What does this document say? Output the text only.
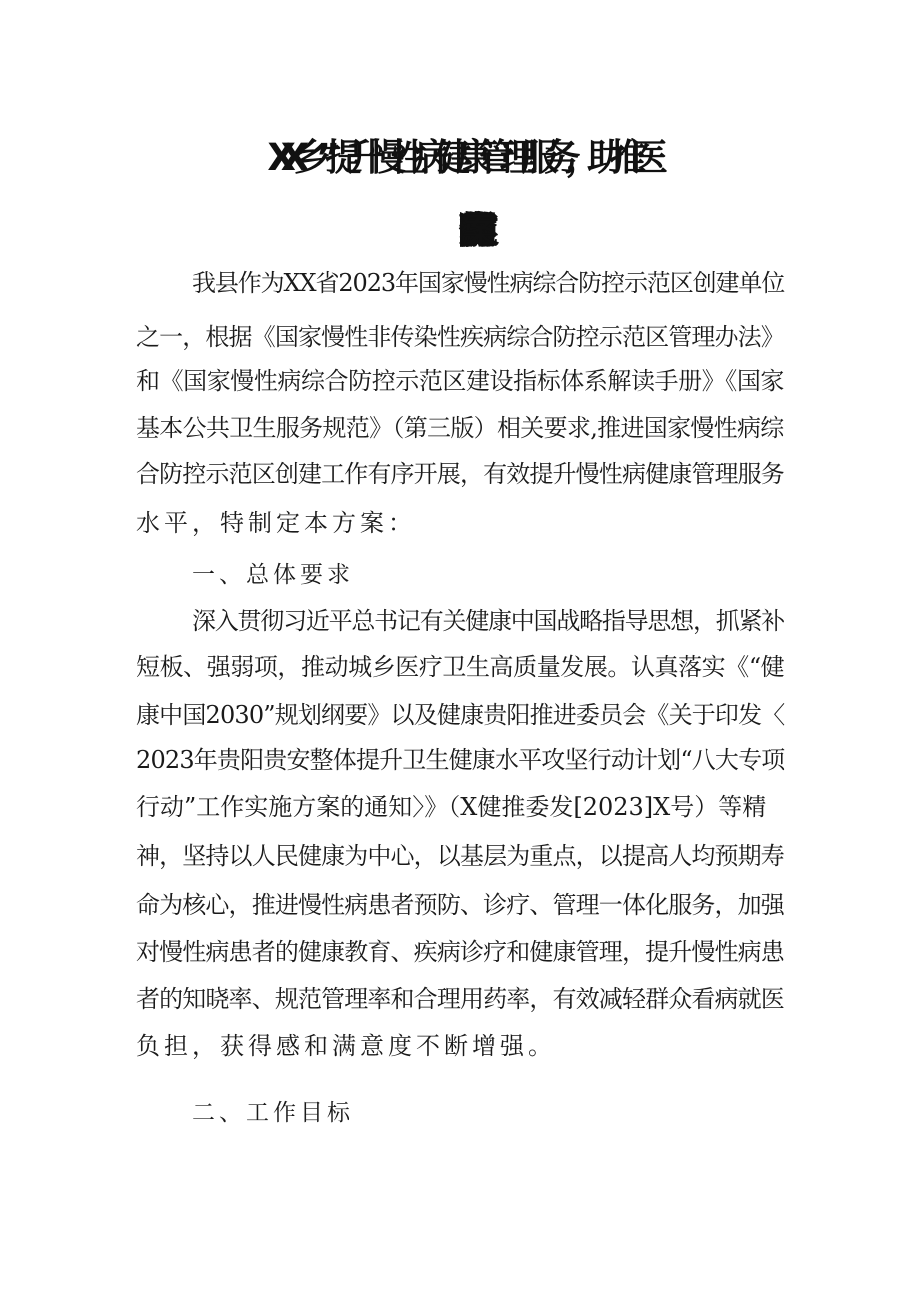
XX乡”提升慢性病健康管理服务，助推医
防融合新机制〃工作实施方案
我县作为XX省2023年国家慢性病综合防控示范区创建单位
之一，根据《国家慢性非传染性疾病综合防控示范区管理办法》
和《国家慢性病综合防控示范区建设指标体系解读手册》《国家
基本公共卫生服务规范》（第三版）相关要求,推进国家慢性病综
合防控示范区创建工作有序开展，有效提升慢性病健康管理服务
水平，特制定本方案：
一、总体要求
深入贯彻习近平总书记有关健康中国战略指导思想，抓紧补
短板、强弱项，推动城乡医疗卫生高质量发展。认真落实《“健
康中国2030”规划纲要》以及健康贵阳推进委员会《关于印发〈
2023年贵阳贵安整体提升卫生健康水平攻坚行动计划“八大专项
行动”工作实施方案的通知〉》（X健推委发[2023]X号）等精
神，坚持以人民健康为中心，以基层为重点，以提高人均预期寿
命为核心，推进慢性病患者预防、诊疗、管理一体化服务，加强
对慢性病患者的健康教育、疾病诊疗和健康管理，提升慢性病患
者的知晓率、规范管理率和合理用药率，有效减轻群众看病就医
负担，获得感和满意度不断增强。
二、工作目标
